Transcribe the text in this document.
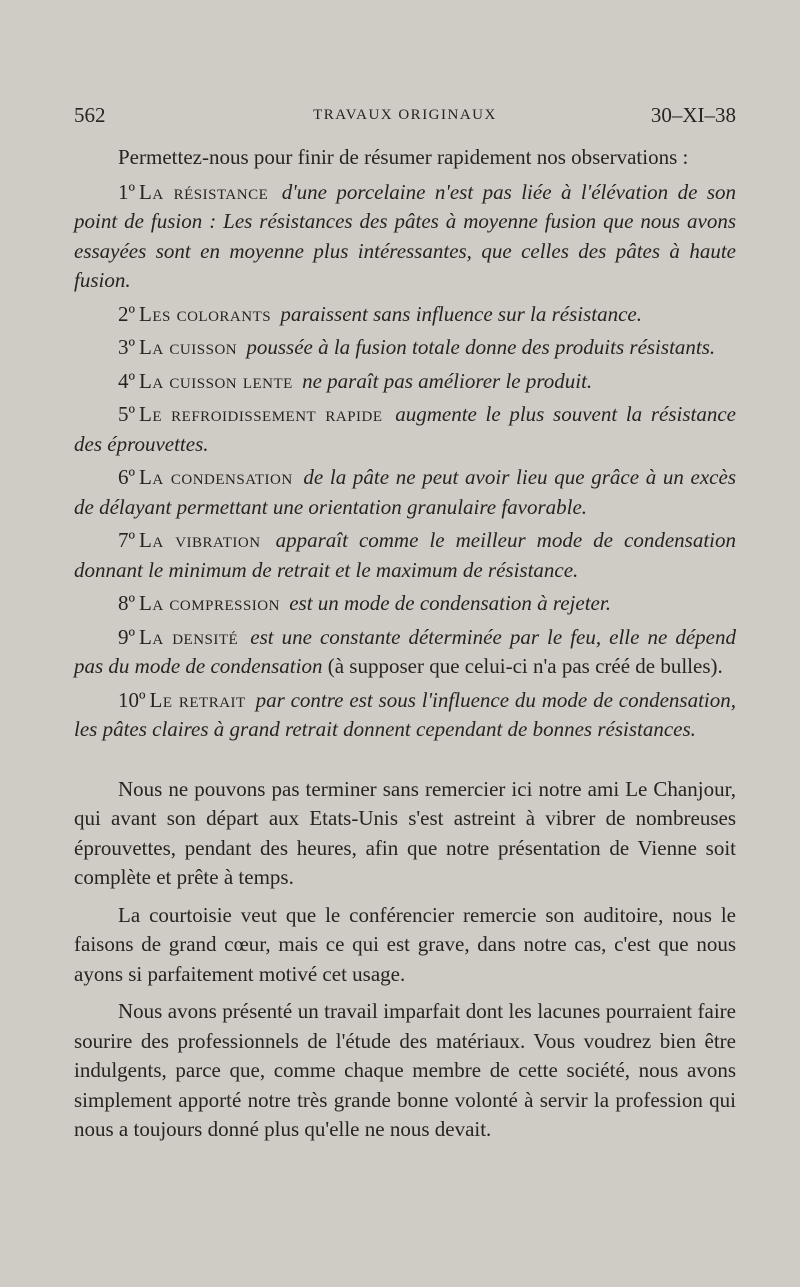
562	TRAVAUX ORIGINAUX	30–XI–38

Permettez-nous pour finir de résumer rapidement nos observations :

1º La résistance d'une porcelaine n'est pas liée à l'élévation de son point de fusion : Les résistances des pâtes à moyenne fusion que nous avons essayées sont en moyenne plus intéressantes, que celles des pâtes à haute fusion.

2º Les colorants paraissent sans influence sur la résistance.

3º La cuisson poussée à la fusion totale donne des produits résistants.

4º La cuisson lente ne paraît pas améliorer le produit.

5º Le refroidissement rapide augmente le plus souvent la résistance des éprouvettes.

6º La condensation de la pâte ne peut avoir lieu que grâce à un excès de délayant permettant une orientation granulaire favorable.

7º La vibration apparaît comme le meilleur mode de condensation donnant le minimum de retrait et le maximum de résistance.

8º La compression est un mode de condensation à rejeter.

9º La densité est une constante déterminée par le feu, elle ne dépend pas du mode de condensation (à supposer que celui-ci n'a pas créé de bulles).

10º Le retrait par contre est sous l'influence du mode de condensation, les pâtes claires à grand retrait donnent cependant de bonnes résistances.

Nous ne pouvons pas terminer sans remercier ici notre ami Le Chanjour, qui avant son départ aux Etats-Unis s'est astreint à vibrer de nombreuses éprouvettes, pendant des heures, afin que notre présentation de Vienne soit complète et prête à temps.

La courtoisie veut que le conférencier remercie son auditoire, nous le faisons de grand cœur, mais ce qui est grave, dans notre cas, c'est que nous ayons si parfaitement motivé cet usage.

Nous avons présenté un travail imparfait dont les lacunes pourraient faire sourire des professionnels de l'étude des matériaux. Vous voudrez bien être indulgents, parce que, comme chaque membre de cette société, nous avons simplement apporté notre très grande bonne volonté à servir la profession qui nous a toujours donné plus qu'elle ne nous devait.
